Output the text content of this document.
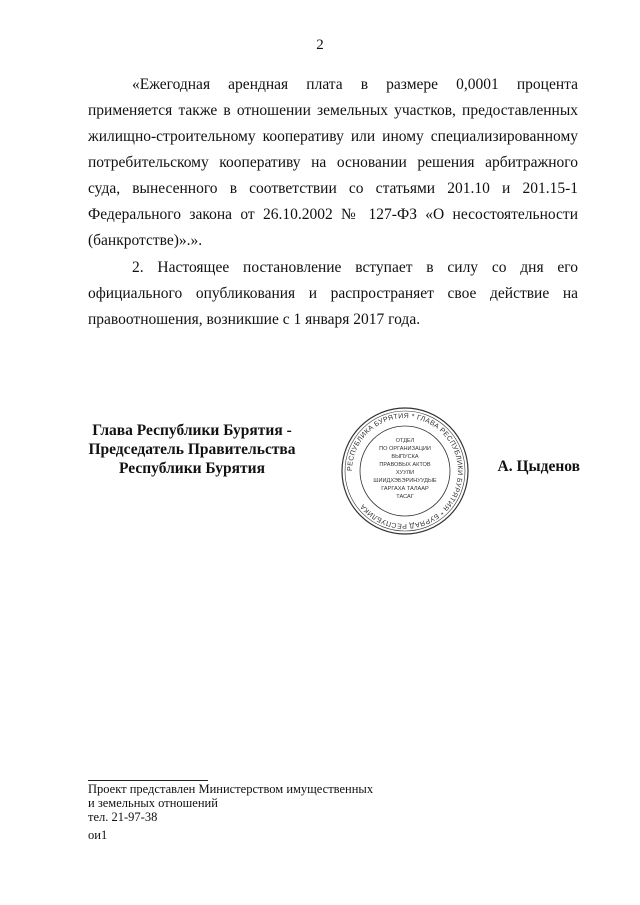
2

«Ежегодная арендная плата в размере 0,0001 процента применяется также в отношении земельных участков, предоставленных жилищно-строительному кооперативу или иному специализированному потребительскому кооперативу на основании решения арбитражного суда, вынесенного в соответствии со статьями 201.10 и 201.15-1 Федерального закона от 26.10.2002 № 127-ФЗ «О несостоятельности (банкротстве)».».

2. Настоящее постановление вступает в силу со дня его официального опубликования и распространяет свое действие на правоотношения, возникшие с 1 января 2017 года.

Глава Республики Бурятия -
Председатель Правительства
Республики Бурятия	РЕСПУБЛИКА БУРЯТИЯ * ГЛАВА РЕСПУБЛИКИ БУРЯТИЯ * БУРЯАД РЕСПУБЛИКА
ОТДЕЛ
ПО ОРГАНИЗАЦИИ
ВЫПУСКА
ПРАВОВЫХ АКТОВ
ХУУЛИ
ШИИДХЭБЭРИНУУДЫЕ
ГАРГАХА ТАЛААР
ТАСАГ
А. Цыденов
Проект представлен Министерством имущественных
и земельных отношений
тел. 21-97-38
ои1
